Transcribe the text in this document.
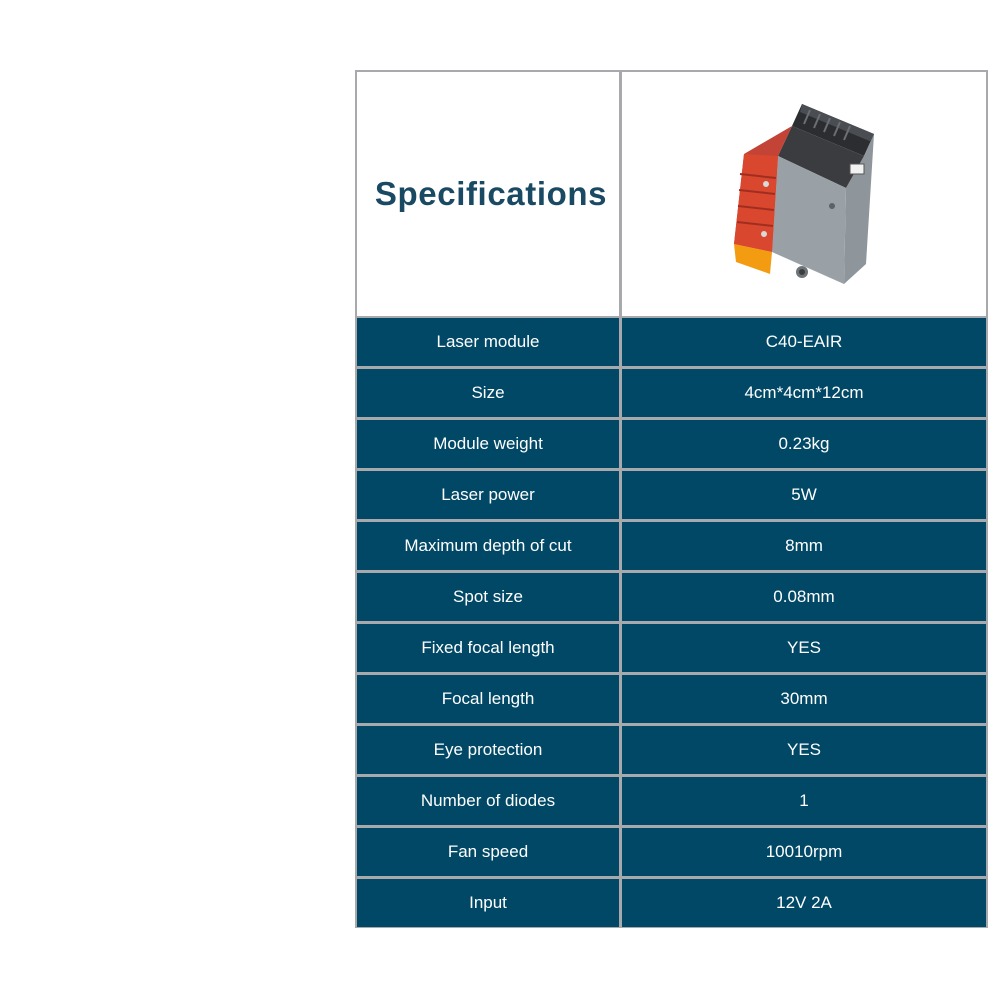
Specifications
Laser module	C40-EAIR
Size	4cm*4cm*12cm
Module weight	0.23kg
Laser power	5W
Maximum depth of cut	8mm
Spot size	0.08mm
Fixed focal length	YES
Focal length	30mm
Eye protection	YES
Number of diodes	1
Fan speed	10010rpm
Input	12V 2A
